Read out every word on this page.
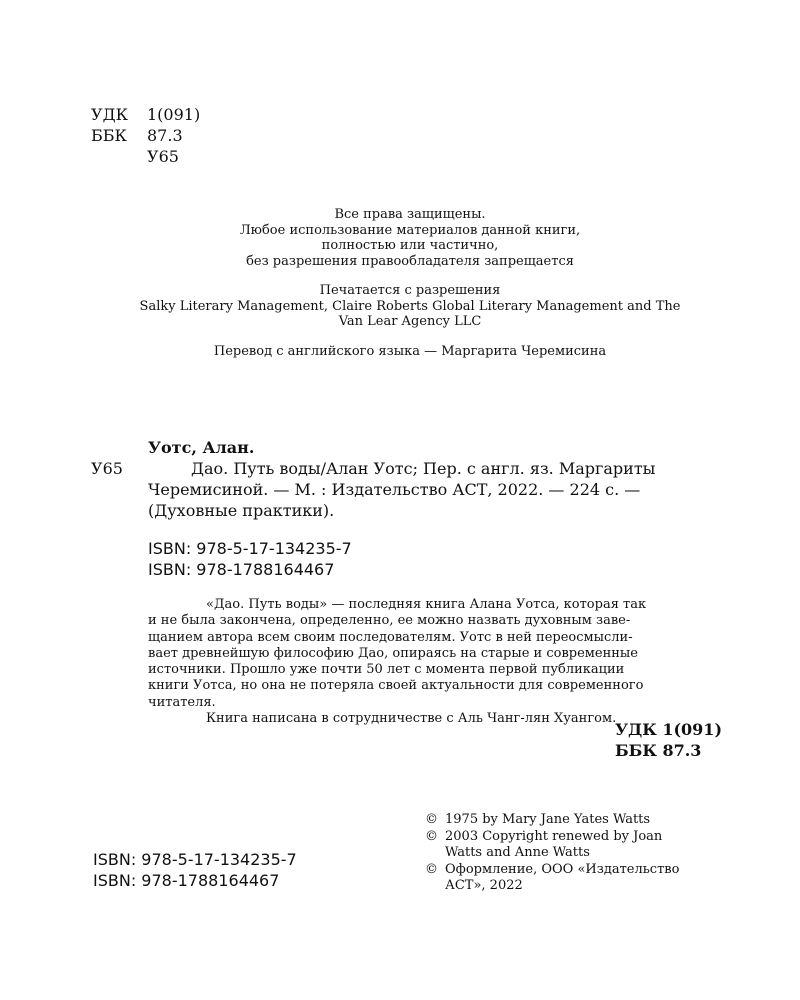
УДК	1(091)
ББК	87.3
У65
Все права защищены.
Любое использование материалов данной книги,
полностью или частично,
без разрешения правообладателя запрещается
Печатается с разрешения
Salky Literary Management, Claire Roberts Global Literary Management and The
Van Lear Agency LLC
Перевод с английского языка — Маргарита Черемисина
Уотс, Алан.
У65	Дао. Путь воды/Алан Уотс; Пер. с англ. яз. Маргариты
Черемисиной. — М. : Издательство АСТ, 2022. — 224 с. —
(Духовные практики).
ISBN: 978-5-17-134235-7
ISBN: 978-1788164467
«Дао. Путь воды» — последняя книга Алана Уотса, которая так
и не была закончена, определенно, ее можно назвать духовным заве-
щанием автора всем своим последователям. Уотс в ней переосмысли-
вает древнейшую философию Дао, опираясь на старые и современные
источники. Прошло уже почти 50 лет с момента первой публикации
книги Уотса, но она не потеряла своей актуальности для современного
читателя.
Книга написана в сотрудничестве с Аль Чанг-лян Хуангом.
УДК 1(091)
ББК 87.3
© 1975 by Mary Jane Yates Watts
© 2003 Copyright renewed by Joan
Watts and Anne Watts
© Оформление, ООО «Издательство
АСТ», 2022
ISBN: 978-5-17-134235-7
ISBN: 978-1788164467
